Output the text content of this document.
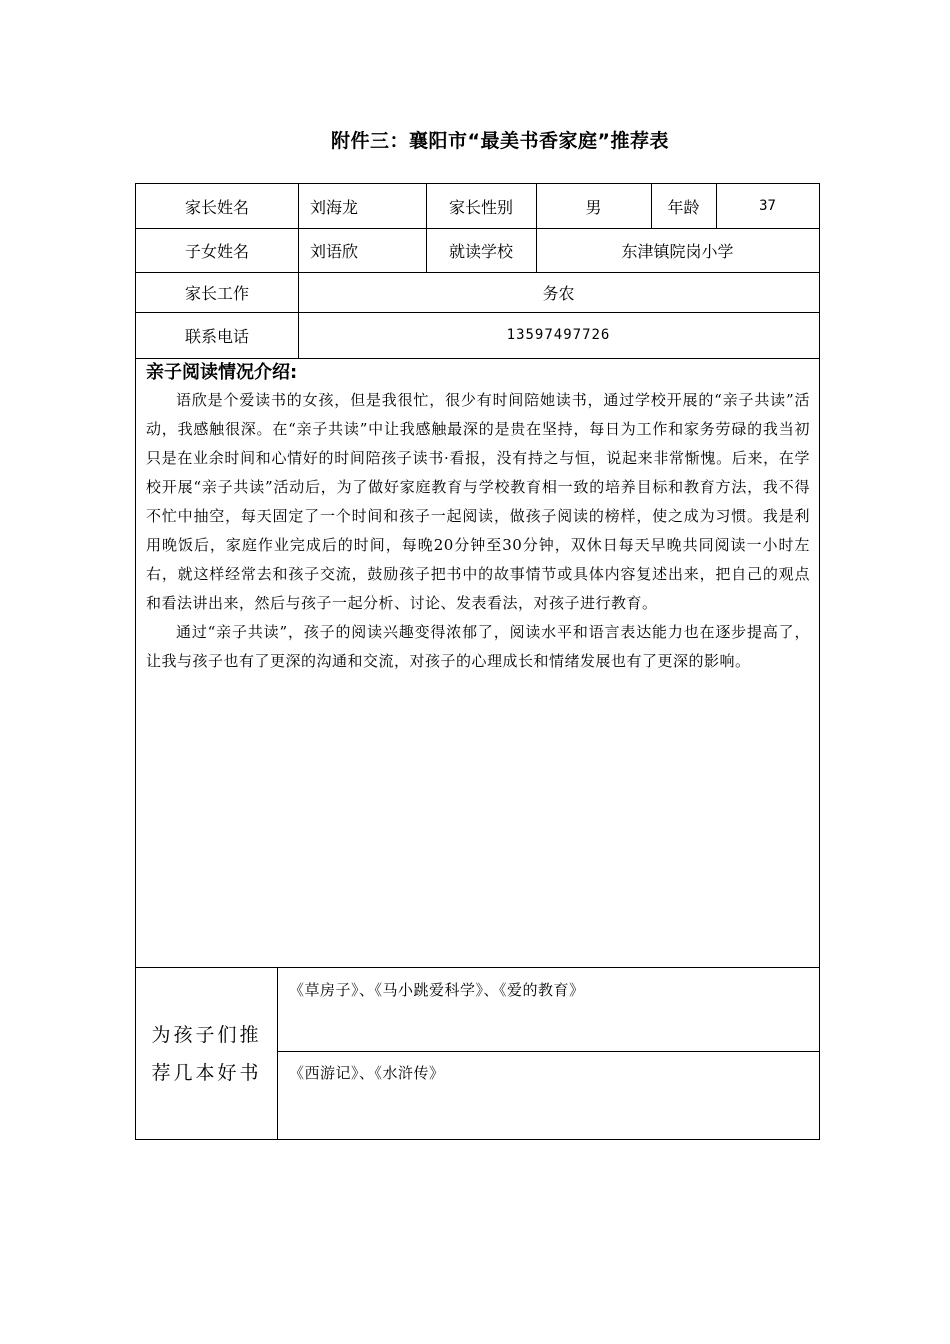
附件三：襄阳市“最美书香家庭”推荐表
家长姓名	刘海龙	家长性别	男	年龄	37
子女姓名	刘语欣	就读学校	东津镇院岗小学
家长工作	务农
联系电话	13597497726

亲子阅读情况介绍:

语欣是个爱读书的女孩，但是我很忙，很少有时间陪她读书，通过学校开展的“亲子共读”活动，我感触很深。在“亲子共读”中让我感触最深的是贵在坚持，每日为工作和家务劳碌的我当初只是在业余时间和心情好的时间陪孩子读书·看报，没有持之与恒，说起来非常惭愧。后来，在学校开展“亲子共读”活动后，为了做好家庭教育与学校教育相一致的培养目标和教育方法，我不得不忙中抽空，每天固定了一个时间和孩子一起阅读，做孩子阅读的榜样，使之成为习惯。我是利用晚饭后，家庭作业完成后的时间，每晚20分钟至30分钟，双休日每天早晚共同阅读一小时左右，就这样经常去和孩子交流，鼓励孩子把书中的故事情节或具体内容复述出来，把自己的观点和看法讲出来，然后与孩子一起分析、讨论、发表看法，对孩子进行教育。

通过“亲子共读”，孩子的阅读兴趣变得浓郁了，阅读水平和语言表达能力也在逐步提高了，让我与孩子也有了更深的沟通和交流，对孩子的心理成长和情绪发展也有了更深的影响。

为孩子们推荐几本好书
《草房子》、《马小跳爱科学》、《爱的教育》
《西游记》、《水浒传》
